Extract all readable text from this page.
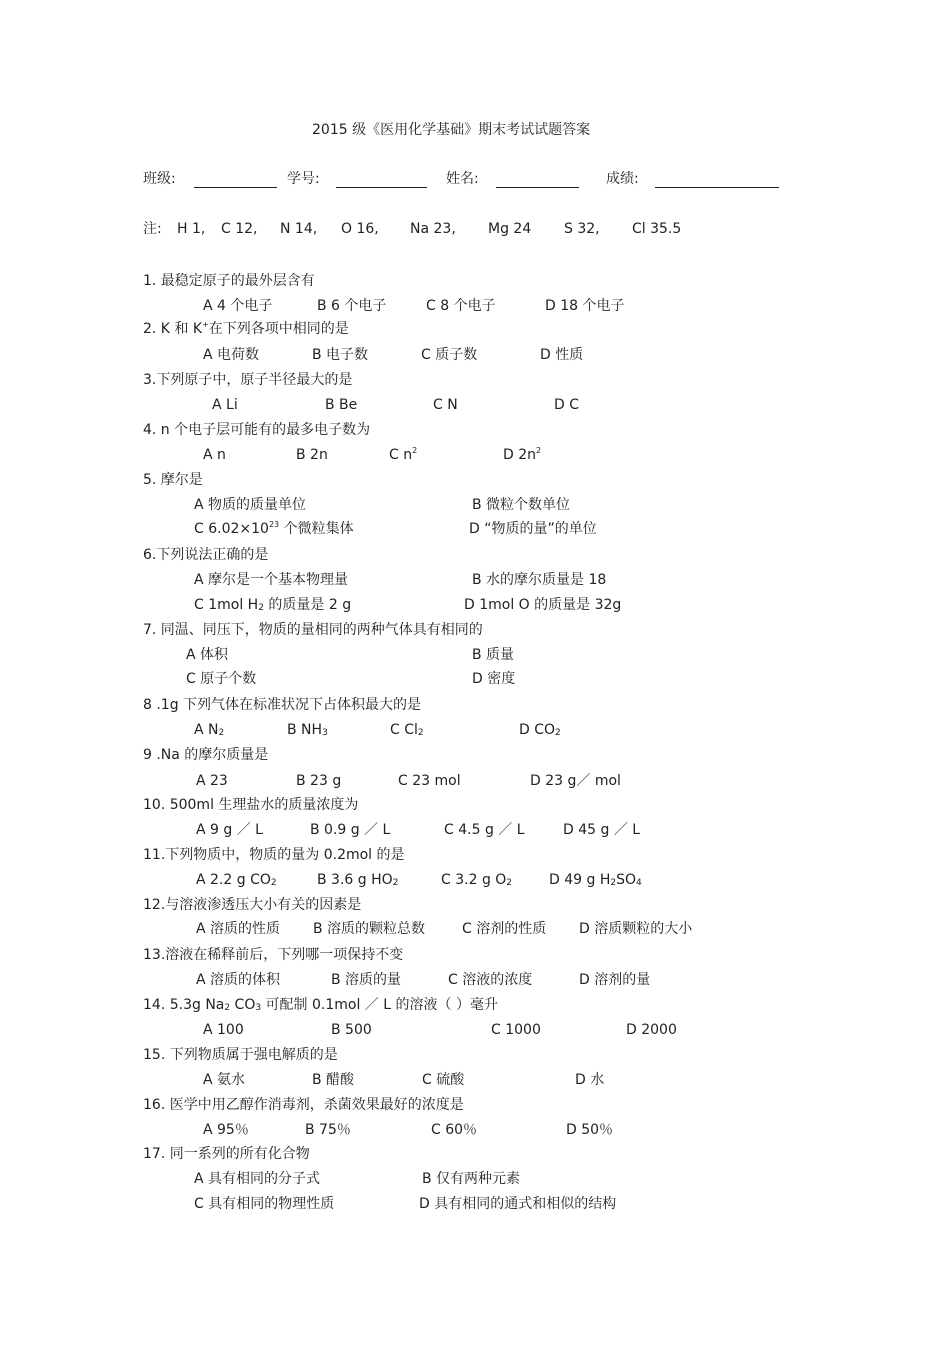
2015 级《医用化学基础》期末考试试题答案
班级:	学号:	姓名:	成绩:
注: H 1, C 12, N 14, O 16, Na 23, Mg 24 S 32, Cl 35.5
1. 最稳定原子的最外层含有
A 4 个电子	B 6 个电子	C 8 个电子	D 18 个电子
2. K 和 K+在下列各项中相同的是
A 电荷数	B 电子数	C 质子数	D 性质
3.下列原子中，原子半径最大的是
A Li	B Be	C N	D C
4. n 个电子层可能有的最多电子数为
A n	B 2n	C $n^2$	D $2n^2$
5. 摩尔是
A 物质的质量单位	B 微粒个数单位
C $6.02\times 10^{23}$ 个微粒集体	D “物质的量”的单位
6.下列说法正确的是
A 摩尔是一个基本物理量	B 水的摩尔质量是 18
C 1mol H2 的质量是 2 g	D 1mol O 的质量是 32g
7. 同温、同压下，物质的量相同的两种气体具有相同的
A 体积	B 质量
C 原子个数	D 密度
8 .1g 下列气体在标准状况下占体积最大的是
A N2	B NH3	C Cl2	D CO2
9 .Na 的摩尔质量是
A 23	B 23 g	C 23 mol	D 23 g／ mol
10. 500ml 生理盐水的质量浓度为
A 9 g ／ L	B 0.9 g ／ L	C 4.5 g ／ L	D 45 g ／ L
11.下列物质中，物质的量为 0.2mol 的是
A 2.2 g CO2	B 3.6 g HO2	C 3.2 g O2	D 49 g H2SO4
12.与溶液渗透压大小有关的因素是
A 溶质的性质 B 溶质的颗粒总数	C 溶剂的性质 D 溶质颗粒的大小
13.溶液在稀释前后，下列哪一项保持不变
A 溶质的体积	B 溶质的量	C 溶液的浓度	D 溶剂的量
14. 5.3g Na2 CO3 可配制 0.1mol ／ L 的溶液（ ）毫升
A 100	B 500	C 1000	D 2000
15. 下列物质属于强电解质的是
A 氨水	B 醋酸	C 硫酸	D 水
16. 医学中用乙醇作消毒剂，杀菌效果最好的浓度是
A 95％	B 75％	C 60％	D 50％
17. 同一系列的所有化合物
A 具有相同的分子式	B 仅有两种元素
C 具有相同的物理性质	D 具有相同的通式和相似的结构
